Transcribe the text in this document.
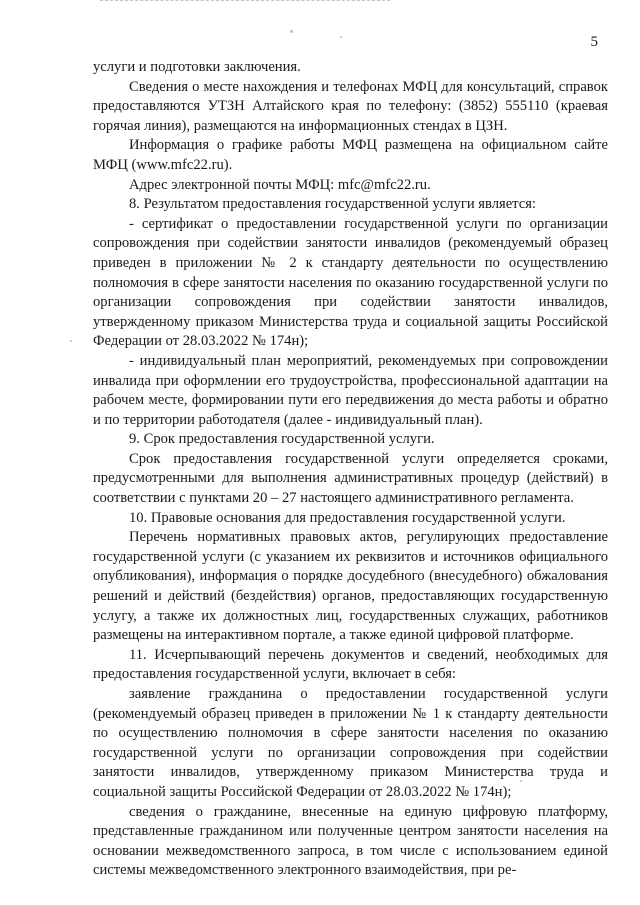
5

услуги и подготовки заключения.

Сведения о месте нахождения и телефонах МФЦ для консультаций, справок предоставляются УТЗН Алтайского края по телефону: (3852) 555110 (краевая горячая линия), размещаются на информационных стендах в ЦЗН.

Информация о графике работы МФЦ размещена на официальном сайте МФЦ (www.mfc22.ru).

Адрес электронной почты МФЦ: mfc@mfc22.ru.

8. Результатом предоставления государственной услуги является:

- сертификат о предоставлении государственной услуги по организации сопровождения при содействии занятости инвалидов (рекомендуемый образец приведен в приложении № 2 к стандарту деятельности по осуществлению полномочия в сфере занятости населения по оказанию государственной услуги по организации сопровождения при содействии занятости инвалидов, утвержденному приказом Министерства труда и социальной защиты Российской Федерации от 28.03.2022 № 174н);

- индивидуальный план мероприятий, рекомендуемых при сопровождении инвалида при оформлении его трудоустройства, профессиональной адаптации на рабочем месте, формировании пути его передвижения до места работы и обратно и по территории работодателя (далее - индивидуальный план).

9. Срок предоставления государственной услуги.

Срок предоставления государственной услуги определяется сроками, предусмотренными для выполнения административных процедур (действий) в соответствии с пунктами 20 – 27 настоящего административного регламента.

10. Правовые основания для предоставления государственной услуги.

Перечень нормативных правовых актов, регулирующих предоставление государственной услуги (с указанием их реквизитов и источников официального опубликования), информация о порядке досудебного (внесудебного) обжалования решений и действий (бездействия) органов, предоставляющих государственную услугу, а также их должностных лиц, государственных служащих, работников размещены на интерактивном портале, а также единой цифровой платформе.

11. Исчерпывающий перечень документов и сведений, необходимых для предоставления государственной услуги, включает в себя:

заявление гражданина о предоставлении государственной услуги (рекомендуемый образец приведен в приложении № 1 к стандарту деятельности по осуществлению полномочия в сфере занятости населения по оказанию государственной услуги по организации сопровождения при содействии занятости инвалидов, утвержденному приказом Министерства труда и социальной защиты Российской Федерации от 28.03.2022 № 174н);

сведения о гражданине, внесенные на единую цифровую платформу, представленные гражданином или полученные центром занятости населения на основании межведомственного запроса, в том числе с использованием единой системы межведомственного электронного взаимодействия, при ре-
